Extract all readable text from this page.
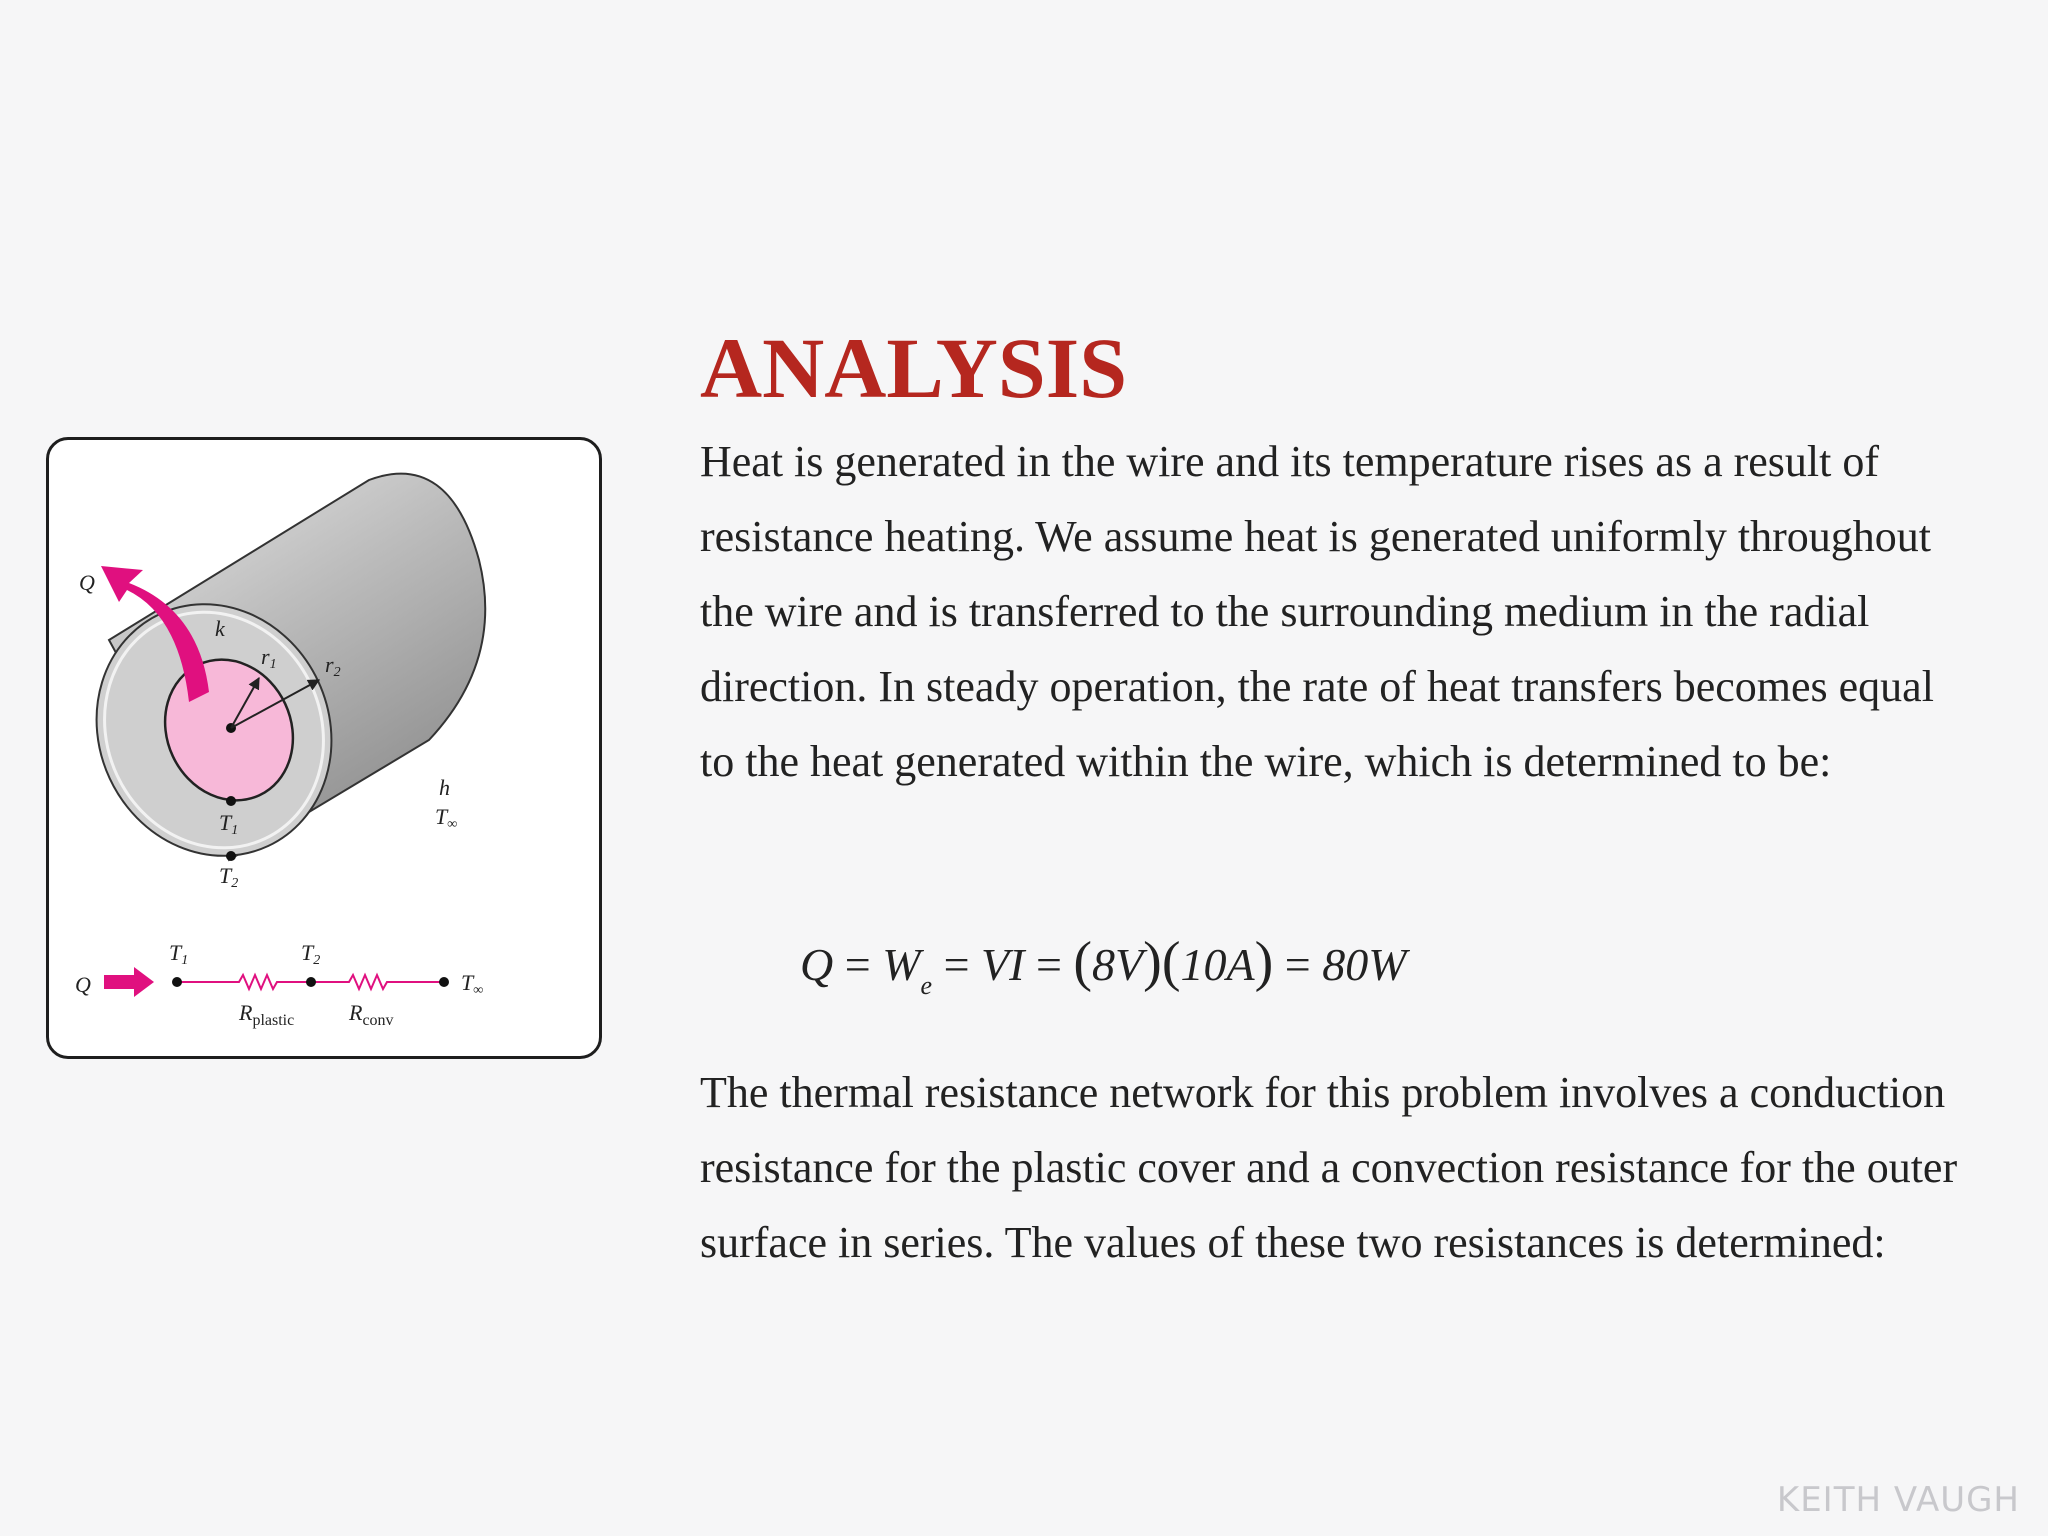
ANALYSIS

Heat is generated in the wire and its temperature rises as a result of resistance heating. We assume heat is generated uniformly throughout the wire and is transferred to the surrounding medium in the radial direction. In steady operation, the rate of heat transfers becomes equal to the heat generated within the wire, which is determined to be:

$Q = W_e$ = VI = (8V)(10A) = 80W

The thermal resistance network for this problem involves a conduction resistance for the plastic cover and a convection resistance for the outer surface in series. The values of these two resistances is determined:

Q
k
r1 r2
h
T∞
T1
T2
Q
T1	T2
T∞
$R_{plastic}$ $R_{conv}$
KEITH VAUGH
